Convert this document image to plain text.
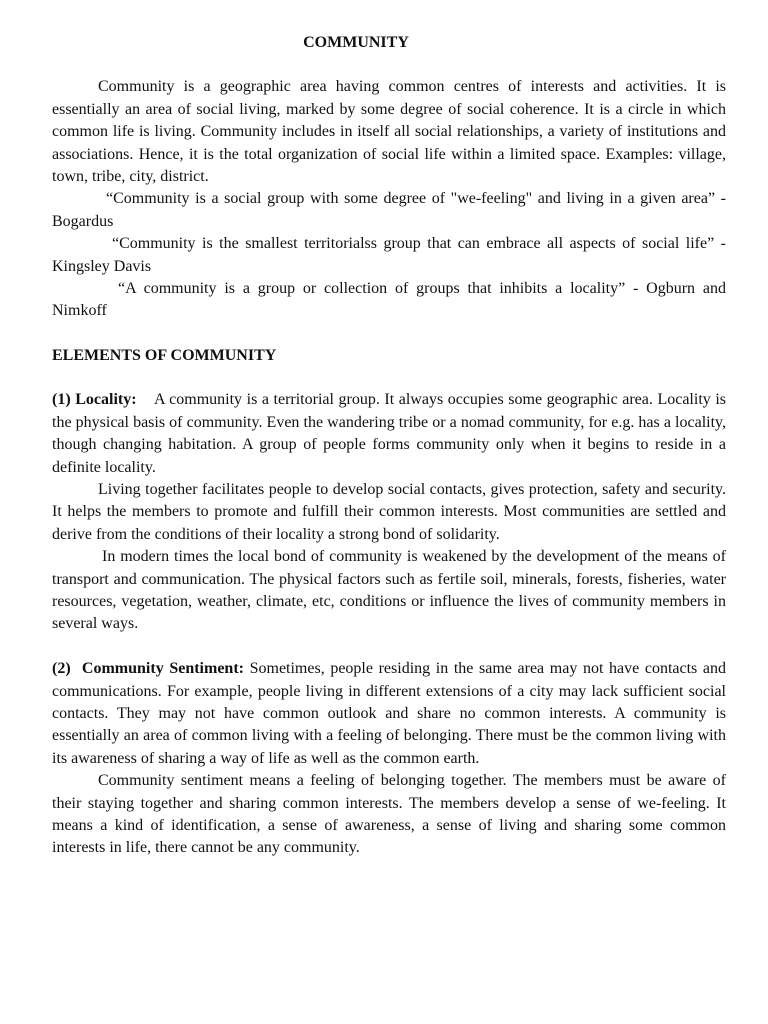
COMMUNITY

Community is a geographic area having common centres of interests and activities. It is essentially an area of social living, marked by some degree of social coherence. It is a circle in which common life is living. Community includes in itself all social relationships, a variety of institutions and associations. Hence, it is the total organization of social life within a limited space. Examples: village, town, tribe, city, district.

“Community is a social group with some degree of "we-feeling" and living in a given area” - Bogardus

“Community is the smallest territorialss group that can embrace all aspects of social life” - Kingsley Davis

“A community is a group or collection of groups that inhibits a locality” - Ogburn and Nimkoff

ELEMENTS OF COMMUNITY

(1) Locality: A community is a territorial group. It always occupies some geographic area. Locality is the physical basis of community. Even the wandering tribe or a nomad community, for e.g. has a locality, though changing habitation. A group of people forms community only when it begins to reside in a definite locality.

Living together facilitates people to develop social contacts, gives protection, safety and security. It helps the members to promote and fulfill their common interests. Most communities are settled and derive from the conditions of their locality a strong bond of solidarity.

In modern times the local bond of community is weakened by the development of the means of transport and communication. The physical factors such as fertile soil, minerals, forests, fisheries, water resources, vegetation, weather, climate, etc, conditions or influence the lives of community members in several ways.

(2) Community Sentiment: Sometimes, people residing in the same area may not have contacts and communications. For example, people living in different extensions of a city may lack sufficient social contacts. They may not have common outlook and share no common interests. A community is essentially an area of common living with a feeling of belonging. There must be the common living with its awareness of sharing a way of life as well as the common earth.

Community sentiment means a feeling of belonging together. The members must be aware of their staying together and sharing common interests. The members develop a sense of we-feeling. It means a kind of identification, a sense of awareness, a sense of living and sharing some common interests in life, there cannot be any community.
